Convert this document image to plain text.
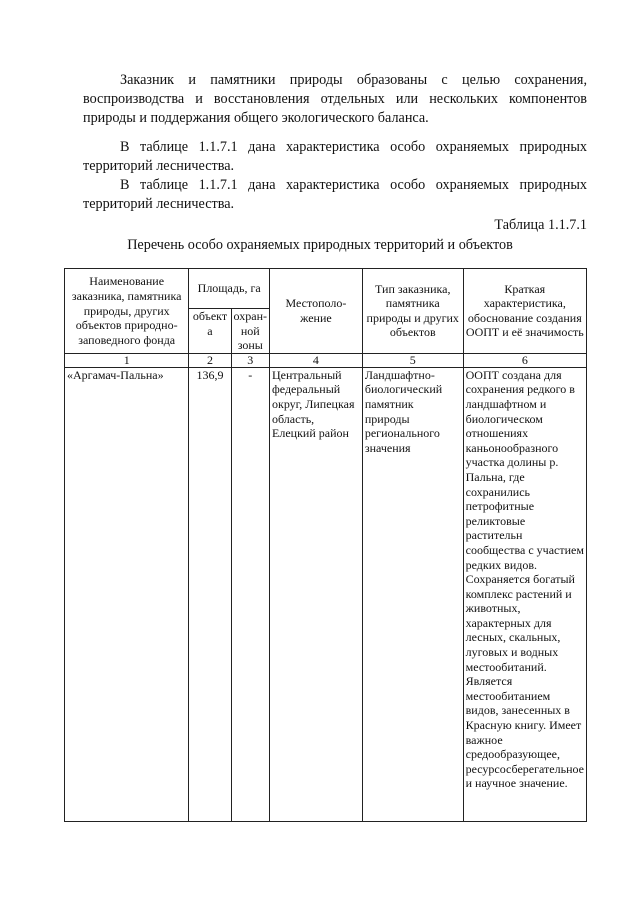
Заказник и памятники природы образованы с целью сохранения,
воспроизводства и восстановления отдельных или нескольких компонентов
природы и поддержания общего экологического баланса.
В таблице 1.1.7.1 дана характеристика особо охраняемых природных
территорий лесничества.
В таблице 1.1.7.1 дана характеристика особо охраняемых природных
территорий лесничества.
Таблица 1.1.7.1
Перечень особо охраняемых природных территорий и объектов
Наименование заказника, памятника природы, других объектов природно-заповедного фонда	Площадь, га		Местополо-жение	Тип заказника, памятника природы и других объектов	Краткая характеристика, обоснование создания ООПТ и её значимость
	объект а	охран-ной зоны			
1	2	3	4	5	6
«Аргамач-Пальна»	136,9	-	Центральный федеральный округ, Липецкая область, Елецкий район	Ландшафтно-биологический памятник природы регионального значения	ООПТ создана для сохранения редкого в ландшафтном и биологическом отношениях каньонообразного участка долины р. Пальна, где сохранились петрофитные реликтовые растительн сообщества с участием редких видов. Сохраняется богатый комплекс растений и животных, характерных для лесных, скальных, луговых и водных местообитаний. Является местообитанием видов, занесенных в Красную книгу. Имеет важное средообразующее, ресурсосберегательное и научное значение.
